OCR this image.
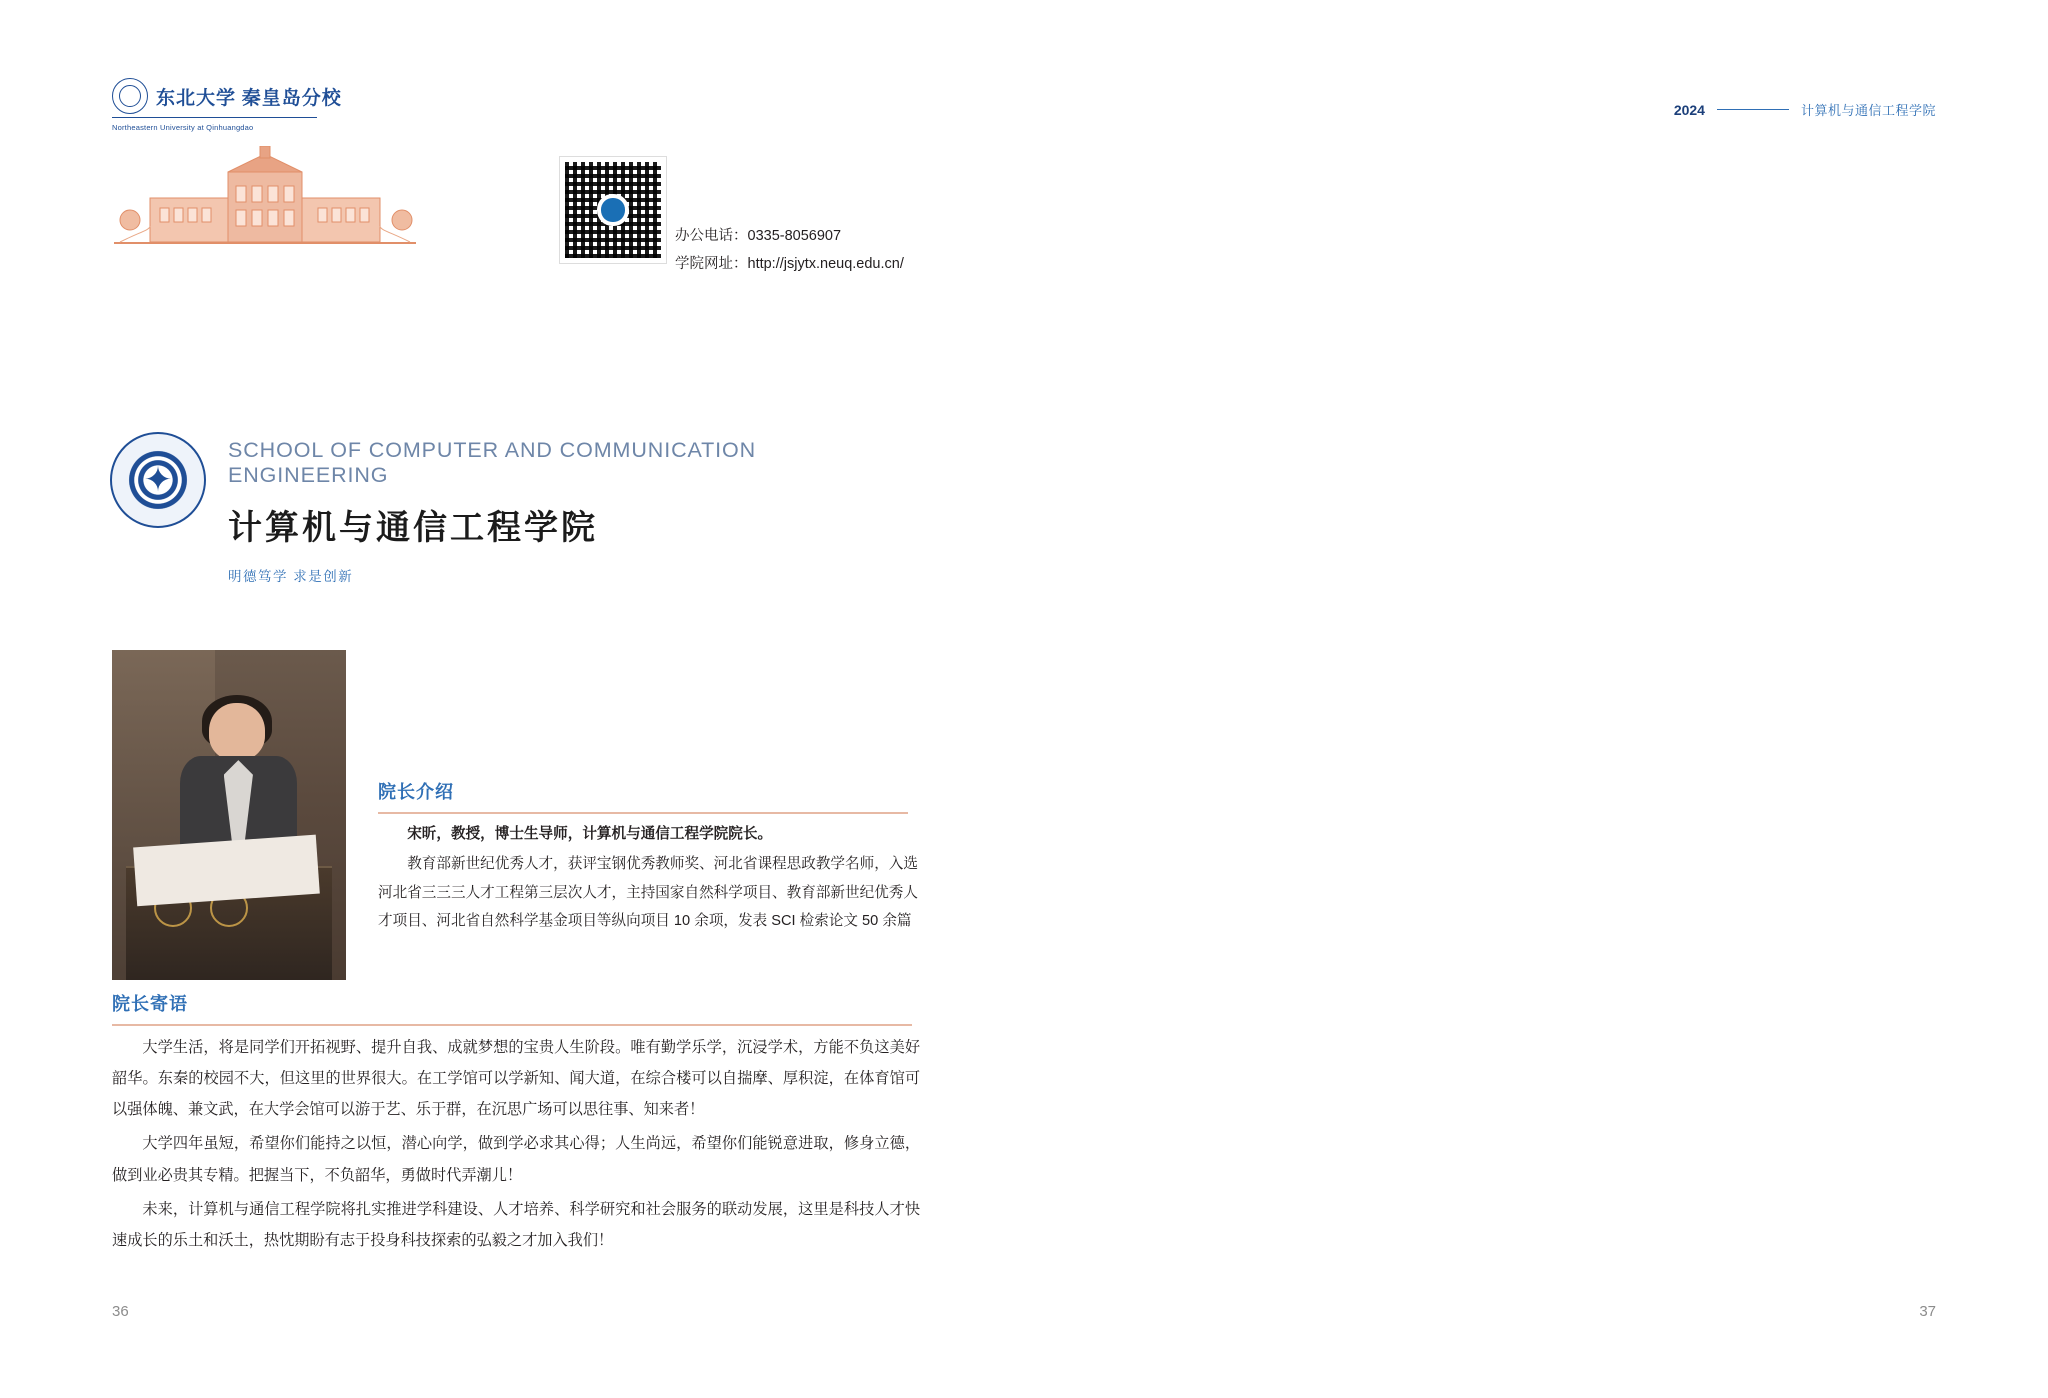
东北大学 秦皇岛分校
Northeastern University at Qinhuangdao
办公电话：0335-8056907
学院网址：http://jsjytx.neuq.edu.cn/
✦
SCHOOL OF COMPUTER AND COMMUNICATION ENGINEERING
计算机与通信工程学院
明德笃学 求是创新
院长介绍

宋昕，教授，博士生导师，计算机与通信工程学院院长。

教育部新世纪优秀人才，获评宝钢优秀教师奖、河北省课程思政教学名师，入选河北省三三三人才工程第三层次人才，主持国家自然科学项目、教育部新世纪优秀人才项目、河北省自然科学基金项目等纵向项目 10 余项，发表 SCI 检索论文 50 余篇

院长寄语

大学生活，将是同学们开拓视野、提升自我、成就梦想的宝贵人生阶段。唯有勤学乐学，沉浸学术，方能不负这美好韶华。东秦的校园不大，但这里的世界很大。在工学馆可以学新知、闻大道，在综合楼可以自揣摩、厚积淀，在体育馆可以强体魄、兼文武，在大学会馆可以游于艺、乐于群，在沉思广场可以思往事、知来者！

大学四年虽短，希望你们能持之以恒，潜心向学，做到学必求其心得；人生尚远，希望你们能锐意进取，修身立德，做到业必贵其专精。把握当下，不负韶华，勇做时代弄潮儿！

未来，计算机与通信工程学院将扎实推进学科建设、人才培养、科学研究和社会服务的联动发展，这里是科技人才快速成长的乐土和沃土，热忱期盼有志于投身科技探索的弘毅之才加入我们！

36
2024	计算机与通信工程学院

37
